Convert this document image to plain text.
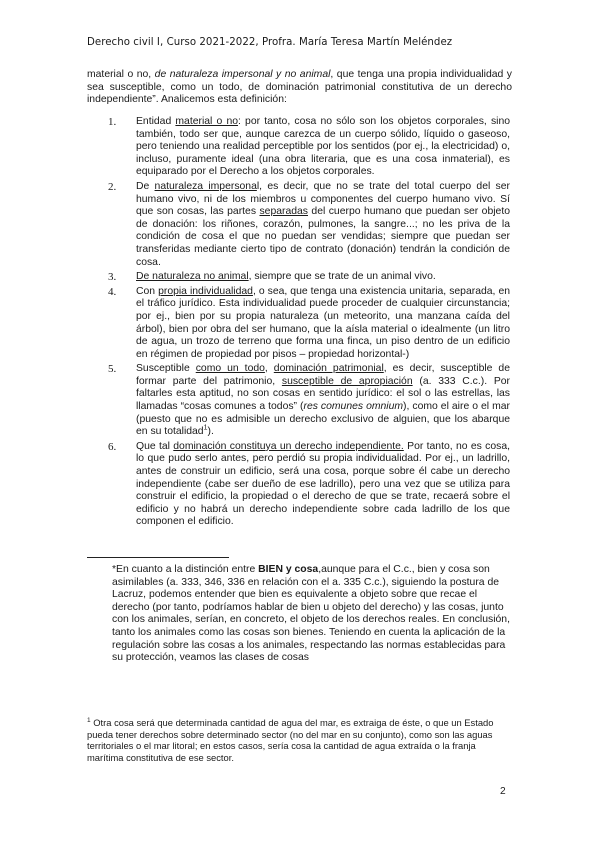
Derecho civil I, Curso 2021-2022, Profra. María Teresa Martín Meléndez
material o no, de naturaleza impersonal y no animal, que tenga una propia individualidad y sea susceptible, como un todo, de dominación patrimonial constitutiva de un derecho independiente”. Analicemos esta definición:
1. Entidad material o no: por tanto, cosa no sólo son los objetos corporales, sino también, todo ser que, aunque carezca de un cuerpo sólido, líquido o gaseoso, pero teniendo una realidad perceptible por los sentidos (por ej., la electricidad) o, incluso, puramente ideal (una obra literaria, que es una cosa inmaterial), es equiparado por el Derecho a los objetos corporales.
2. De naturaleza impersonal, es decir, que no se trate del total cuerpo del ser humano vivo, ni de los miembros u componentes del cuerpo humano vivo. Sí que son cosas, las partes separadas del cuerpo humano que puedan ser objeto de donación: los riñones, corazón, pulmones, la sangre...; no les priva de la condición de cosa el que no puedan ser vendidas; siempre que puedan ser transferidas mediante cierto tipo de contrato (donación) tendrán la condición de cosa.
3. De naturaleza no animal, siempre que se trate de un animal vivo.
4. Con propia individualidad, o sea, que tenga una existencia unitaria, separada, en el tráfico jurídico. Esta individualidad puede proceder de cualquier circunstancia; por ej., bien por su propia naturaleza (un meteorito, una manzana caída del árbol), bien por obra del ser humano, que la aísla material o idealmente (un litro de agua, un trozo de terreno que forma una finca, un piso dentro de un edificio en régimen de propiedad por pisos – propiedad horizontal-)
5. Susceptible como un todo, dominación patrimonial, es decir, susceptible de formar parte del patrimonio, susceptible de apropiación (a. 333 C.c.). Por faltarles esta aptitud, no son cosas en sentido jurídico: el sol o las estrellas, las llamadas “cosas comunes a todos” (res comunes omnium), como el aire o el mar (puesto que no es admisible un derecho exclusivo de alguien, que los abarque en su totalidad$^1$).
6. Que tal dominación constituya un derecho independiente. Por tanto, no es cosa, lo que pudo serlo antes, pero perdió su propia individualidad. Por ej., un ladrillo, antes de construir un edificio, será una cosa, porque sobre él cabe un derecho independiente (cabe ser dueño de ese ladrillo), pero una vez que se utiliza para construir el edificio, la propiedad o el derecho de que se trate, recaerá sobre el edificio y no habrá un derecho independiente sobre cada ladrillo de los que componen el edificio.
*En cuanto a la distinción entre BIEN y cosa,aunque para el C.c., bien y cosa son asimilables (a. 333, 346, 336 en relación con el a. 335 C.c.), siguiendo la postura de Lacruz, podemos entender que bien es equivalente a objeto sobre que recae el derecho (por tanto, podríamos hablar de bien u objeto del derecho) y las cosas, junto con los animales, serían, en concreto, el objeto de los derechos reales. En conclusión, tanto los animales como las cosas son bienes. Teniendo en cuenta la aplicación de la regulación sobre las cosas a los animales, respectando las normas establecidas para su protección, veamos las clases de cosas
$^1$ Otra cosa será que determinada cantidad de agua del mar, es extraiga de éste, o que un Estado pueda tener derechos sobre determinado sector (no del mar en su conjunto), como son las aguas territoriales o el mar litoral; en estos casos, sería cosa la cantidad de agua extraída o la franja marítima constitutiva de ese sector.
2
